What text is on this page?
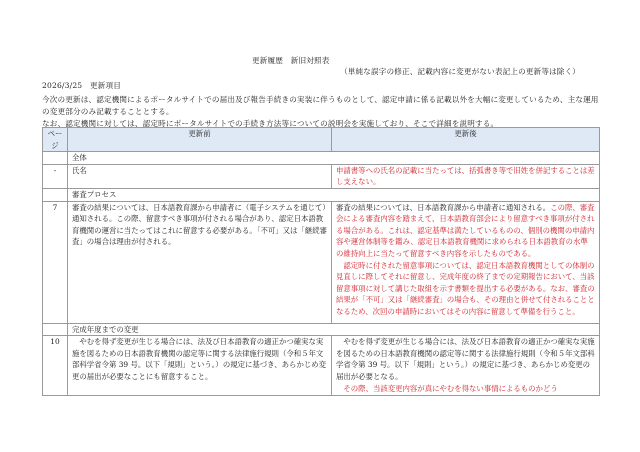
更新履歴　新旧対照表
（単純な誤字の修正、記載内容に変更がない表記上の更新等は除く）
2026/3/25　更新項目
今次の更新は、認定機関によるポータルサイトでの届出及び報告手続きの実装に伴うものとして、認定申請に係る記載以外を大幅に変更しているため、主な運用の変更部分のみ記載することとする。
なお、認定機関に対しては、認定時にポータルサイトでの手続き方法等についての説明会を実施しており、そこで詳細を説明する。
ページ	更新前	更新後
	全体	
-	氏名	申請書等への氏名の記載に当たっては、括弧書き等で旧姓を併記することは差し支えない。
	審査プロセス	
7	審査の結果については、日本語教育課から申請者に（電子システムを通じて）通知される。この際、留意すべき事項が付される場合があり、認定日本語教育機関の運営に当たってはこれに留意する必要がある。「不可」又は「継続審査」の場合は理由が付される。	審査の結果については、日本語教育課から申請者に通知される。この際、審査会による審査内容を踏まえて、日本語教育部会により留意すべき事項が付される場合がある。これは、認定基準は満たしているものの、個別の機関の申請内容や運営体制等を鑑み、認定日本語教育機関に求められる日本語教育の水準の維持向上に当たって留意すべき内容を示したものである。
認定時に付された留意事項については、認定日本語教育機関としての体制の見直しに際してそれに留意し、完成年度の終了までの定期報告において、当該留意事項に対して講じた取組を示す書類を提出する必要がある。なお、審査の結果が「不可」又は「継続審査」の場合も、その理由と併せて付されることとなるため、次回の申請時においてはその内容に留意して準備を行うこと。

	完成年度までの変更	
10	やむを得ず変更が生じる場合には、法及び日本語教育の適正かつ確実な実施を図るための日本語教育機関の認定等に関する法律施行規則（令和５年文部科学省令第 39 号。以下「規則」という。）の規定に基づき、あらかじめ変更の届出が必要なことにも留意すること。	やむを得ず変更が生じる場合には、法及び日本語教育の適正かつ確実な実施を図るための日本語教育機関の認定等に関する法律施行規則（令和５年文部科学省令第 39 号。以下「規則」という。）の規定に基づき、あらかじめ変更の届出が必要となる。
その際、当該変更内容が真にやむを得ない事情によるものかどう
